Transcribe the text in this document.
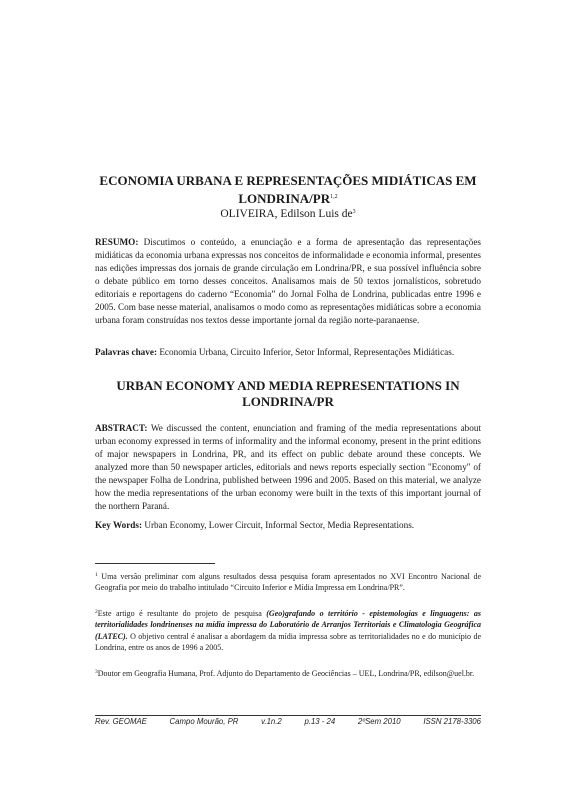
ECONOMIA URBANA E REPRESENTAÇÕES MIDIÁTICAS EM
LONDRINA/PR$^{1,2}$
OLIVEIRA, Edilson Luis $de^3$
RESUMO: Discutimos o conteúdo, a enunciação e a forma de apresentação das representações midiáticas da economia urbana expressas nos conceitos de informalidade e economia informal, presentes nas edições impressas dos jornais de grande circulação em Londrina/PR, e sua possível influência sobre o debate público em torno desses conceitos. Analisamos mais de 50 textos jornalísticos, sobretudo editoriais e reportagens do caderno “Economia” do Jornal Folha de Londrina, publicadas entre 1996 e 2005. Com base nesse material, analisamos o modo como as representações midiáticas sobre a economia urbana foram construídas nos textos desse importante jornal da região norte-paranaense.
Palavras chave: Economia Urbana, Circuito Inferior, Setor Informal, Representações Midiáticas.
URBAN ECONOMY AND MEDIA REPRESENTATIONS IN
LONDRINA/PR
ABSTRACT: We discussed the content, enunciation and framing of the media representations about urban economy expressed in terms of informality and the informal economy, present in the print editions of major newspapers in Londrina, PR, and its effect on public debate around these concepts. We analyzed more than 50 newspaper articles, editorials and news reports especially section "Economy" of the newspaper Folha de Londrina, published between 1996 and 2005. Based on this material, we analyze how the media representations of the urban economy were built in the texts of this important journal of the northern Paraná.
Key Words: Urban Economy, Lower Circuit, Informal Sector, Media Representations.
$^1$ Uma versão preliminar com alguns resultados dessa pesquisa foram apresentados no XVI Encontro Nacional de Geografia por meio do trabalho intitulado “Circuito Inferior e Mídia Impressa em Londrina/PR”.
$^2$Este artigo é resultante do projeto de pesquisa (Geo)grafando o território - epistemologias e linguagens: as territorialidades londrinenses na mídia impressa do Laboratório de Arranjos Territoriais e Climatologia Geográfica (LATEC). O objetivo central é analisar a abordagem da mídia impressa sobre as territorialidades no e do município de Londrina, entre os anos de 1996 a 2005.
$^3$Doutor em Geografia Humana, Prof. Adjunto do Departamento de Geociências – UEL, Londrina/PR, edilson@uel.br.
Rev. GEOMAE	Campo Mourão, PR	v.1n.2	p.13 - 24	2ºSem 2010	ISSN 2178-3306
